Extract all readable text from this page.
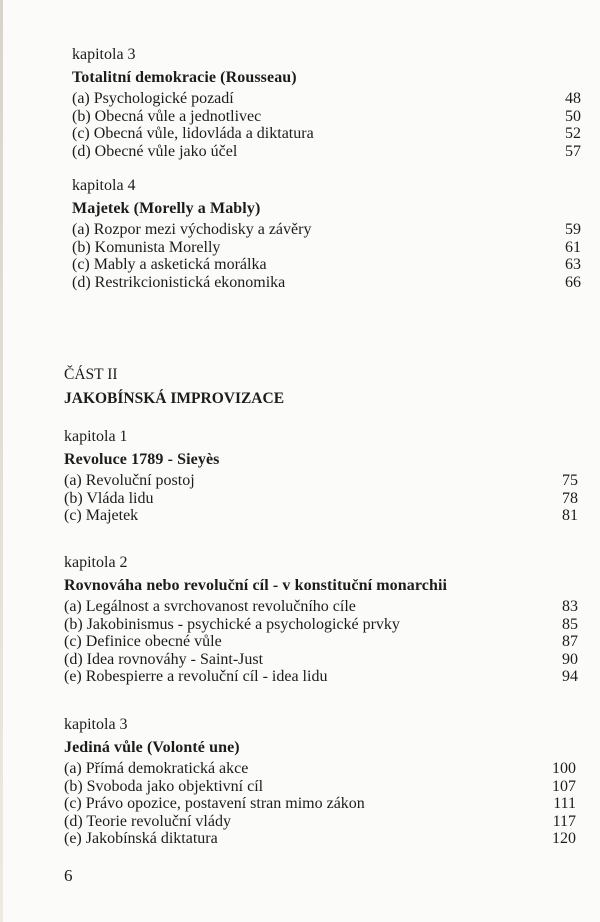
kapitola 3
Totalitní demokracie (Rousseau)
(a) Psychologické pozadí	48
(b) Obecná vůle a jednotlivec	50
(c) Obecná vůle, lidovláda a diktatura	52
(d) Obecné vůle jako účel	57
kapitola 4
Majetek (Morelly a Mably)
(a) Rozpor mezi východisky a závěry	59
(b) Komunista Morelly	61
(c) Mably a asketická morálka	63
(d) Restrikcionistická ekonomika	66
kapitola 1
Revoluce 1789 - Sieyès
(a) Revoluční postoj	75
(b) Vláda lidu	78
(c) Majetek	81
kapitola 2
Rovnováha nebo revoluční cíl - v konstituční monarchii
(a) Legálnost a svrchovanost revolučního cíle	83
(b) Jakobinismus - psychické a psychologické prvky	85
(c) Definice obecné vůle	87
(d) Idea rovnováhy - Saint-Just	90
(e) Robespierre a revoluční cíl - idea lidu	94
kapitola 3
Jediná vůle (Volonté une)
(a) Přímá demokratická akce	100
(b) Svoboda jako objektivní cíl	107
(c) Právo opozice, postavení stran mimo zákon	111
(d) Teorie revoluční vlády	117
(e) Jakobínská diktatura	120
ČÁST II
JAKOBÍNSKÁ IMPROVIZACE
6
